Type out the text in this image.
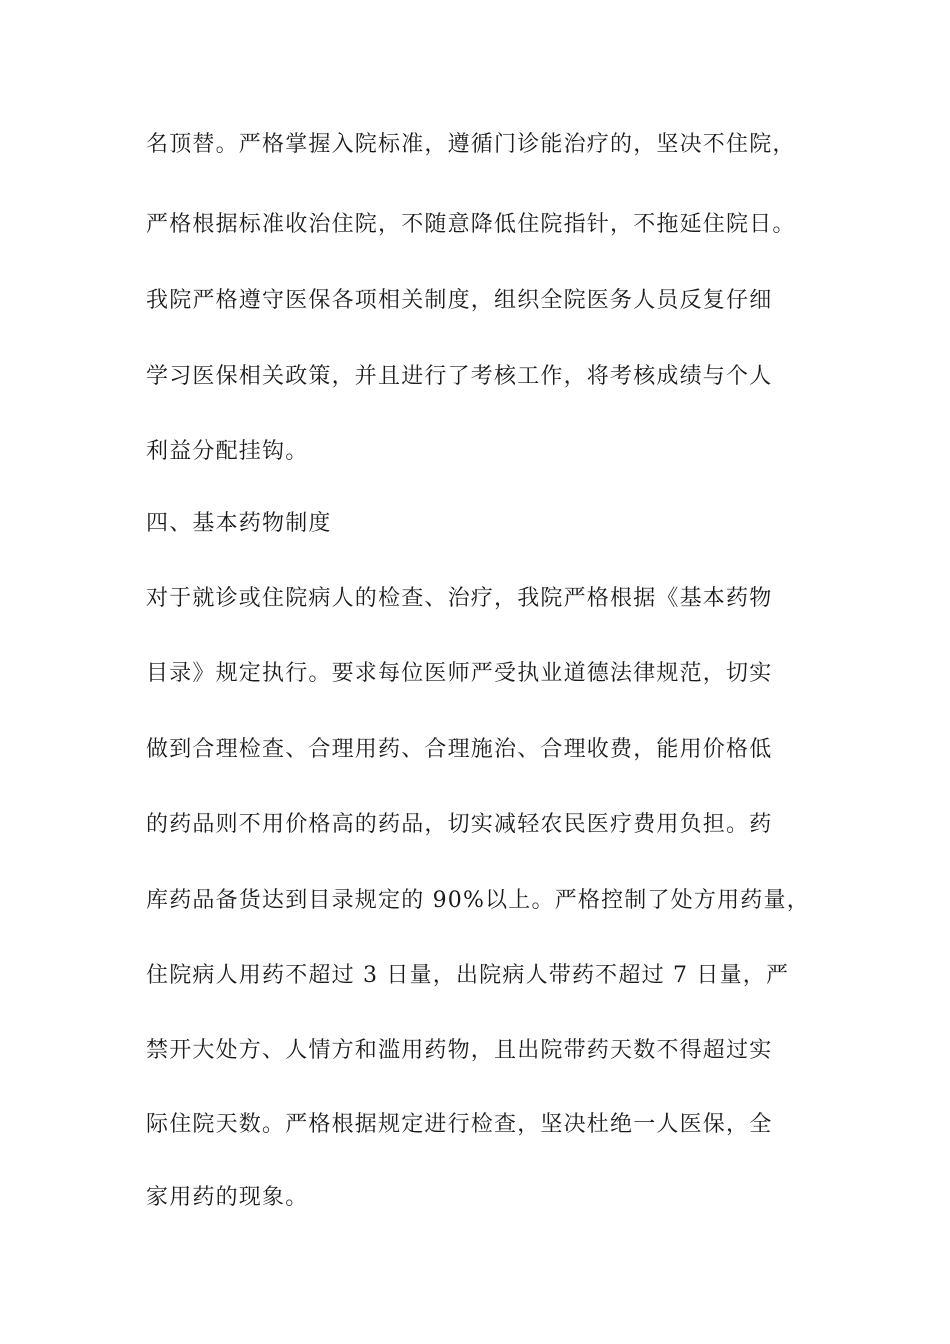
名顶替。严格掌握入院标准，遵循门诊能治疗的，坚决不住院，
严格根据标准收治住院，不随意降低住院指针，不拖延住院日。
我院严格遵守医保各项相关制度，组织全院医务人员反复仔细
学习医保相关政策，并且进行了考核工作，将考核成绩与个人
利益分配挂钩。
四、基本药物制度
对于就诊或住院病人的检查、治疗，我院严格根据《基本药物
目录》规定执行。要求每位医师严受执业道德法律规范，切实
做到合理检查、合理用药、合理施治、合理收费，能用价格低
的药品则不用价格高的药品，切实减轻农民医疗费用负担。药
库药品备货达到目录规定的 90%以上。严格控制了处方用药量，
住院病人用药不超过 3 日量，出院病人带药不超过 7 日量，严
禁开大处方、人情方和滥用药物，且出院带药天数不得超过实
际住院天数。严格根据规定进行检查，坚决杜绝一人医保，全
家用药的现象。
